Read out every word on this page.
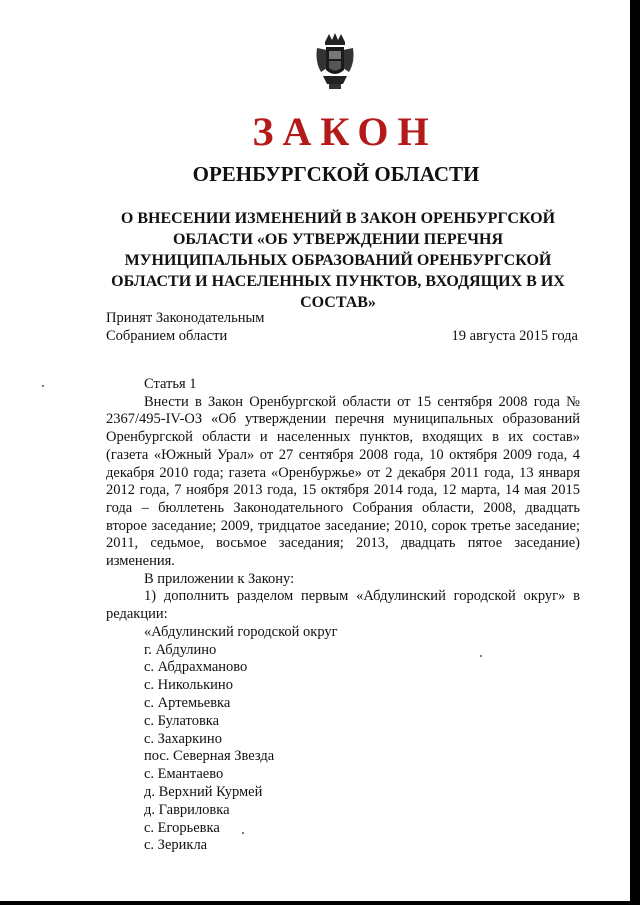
ЗАКОН
ОРЕНБУРГСКОЙ ОБЛАСТИ
О ВНЕСЕНИИ ИЗМЕНЕНИЙ В ЗАКОН ОРЕНБУРГСКОЙ ОБЛАСТИ «ОБ УТВЕРЖДЕНИИ ПЕРЕЧНЯ МУНИЦИПАЛЬНЫХ ОБРАЗОВАНИЙ ОРЕНБУРГСКОЙ ОБЛАСТИ И НАСЕЛЕННЫХ ПУНКТОВ, ВХОДЯЩИХ В ИХ СОСТАВ»
Принят Законодательным
Собранием области	19 августа 2015 года

Статья 1

Внести в Закон Оренбургской области от 15 сентября 2008 года № 2367/495-IV-ОЗ «Об утверждении перечня муниципальных образований Оренбургской области и населенных пунктов, входящих в их состав» (газета «Южный Урал» от 27 сентября 2008 года, 10 октября 2009 года, 4 декабря 2010 года; газета «Оренбуржье» от 2 декабря 2011 года, 13 января 2012 года, 7 ноября 2013 года, 15 октября 2014 года, 12 марта, 14 мая 2015 года – бюллетень Законодательного Собрания области, 2008, двадцать второе заседание; 2009, тридцатое заседание; 2010, сорок третье заседание; 2011, седьмое, восьмое заседания; 2013, двадцать пятое заседание) изменения.

В приложении к Закону:

1) дополнить разделом первым «Абдулинский городской округ» в редакции:

«Абдулинский городской округ
г. Абдулино
с. Абдрахманово
с. Николькино
с. Артемьевка
с. Булатовка
с. Захаркино
пос. Северная Звезда
с. Емантаево
д. Верхний Курмей
д. Гавриловка
с. Егорьевка
с. Зерикла
